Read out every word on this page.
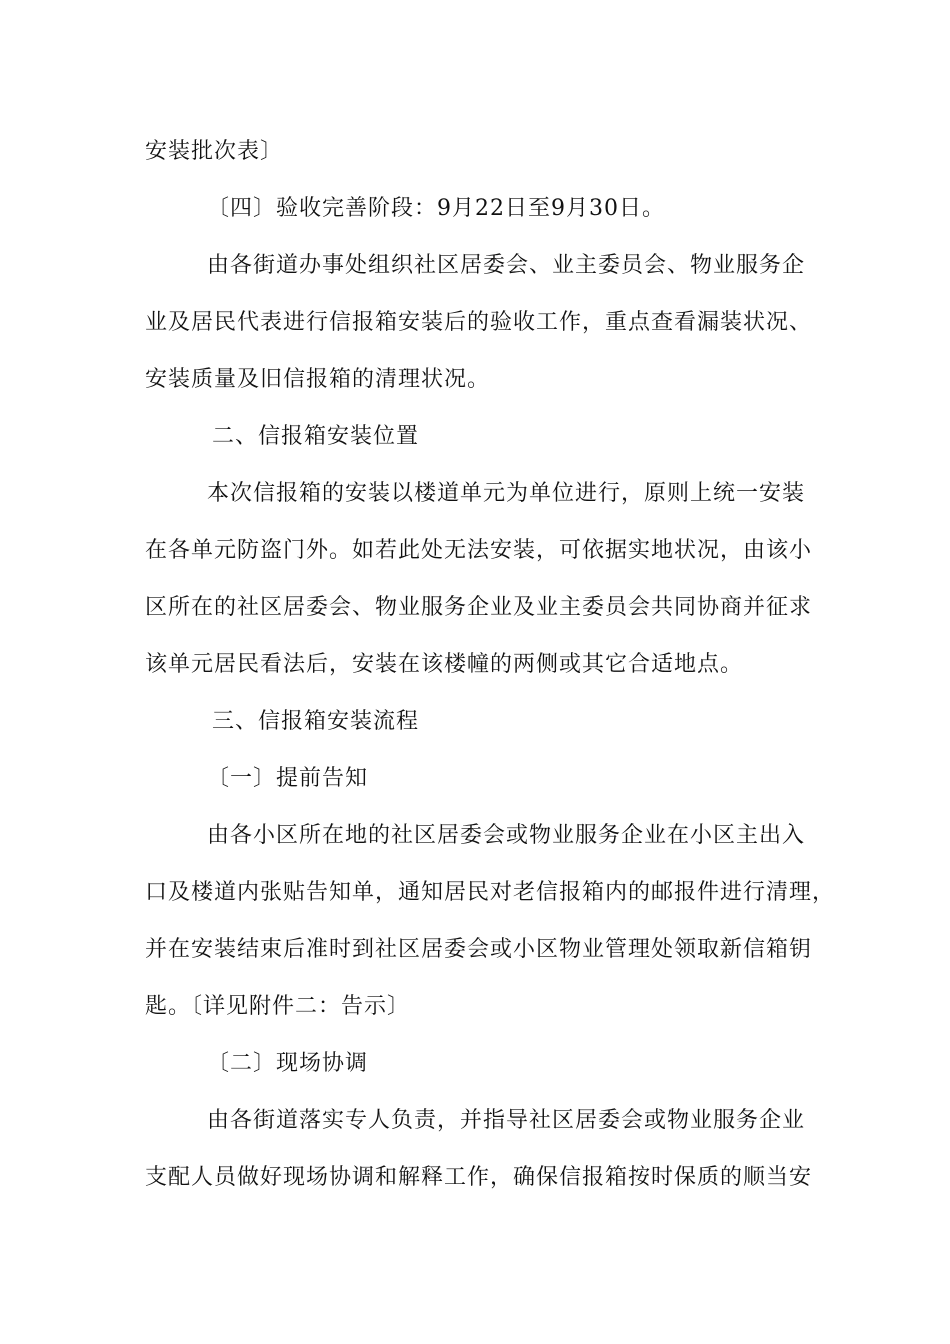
安装批次表〕
〔四〕验收完善阶段：9月22日至9月30日。
由各街道办事处组织社区居委会、业主委员会、物业服务企
业及居民代表进行信报箱安装后的验收工作，重点查看漏装状况、
安装质量及旧信报箱的清理状况。
二、信报箱安装位置
本次信报箱的安装以楼道单元为单位进行，原则上统一安装
在各单元防盗门外。如若此处无法安装，可依据实地状况，由该小
区所在的社区居委会、物业服务企业及业主委员会共同协商并征求
该单元居民看法后，安装在该楼幢的两侧或其它合适地点。
三、信报箱安装流程
〔一〕提前告知
由各小区所在地的社区居委会或物业服务企业在小区主出入
口及楼道内张贴告知单，通知居民对老信报箱内的邮报件进行清理，
并在安装结束后准时到社区居委会或小区物业管理处领取新信箱钥
匙。〔详见附件二：告示〕
〔二〕现场协调
由各街道落实专人负责，并指导社区居委会或物业服务企业
支配人员做好现场协调和解释工作，确保信报箱按时保质的顺当安
